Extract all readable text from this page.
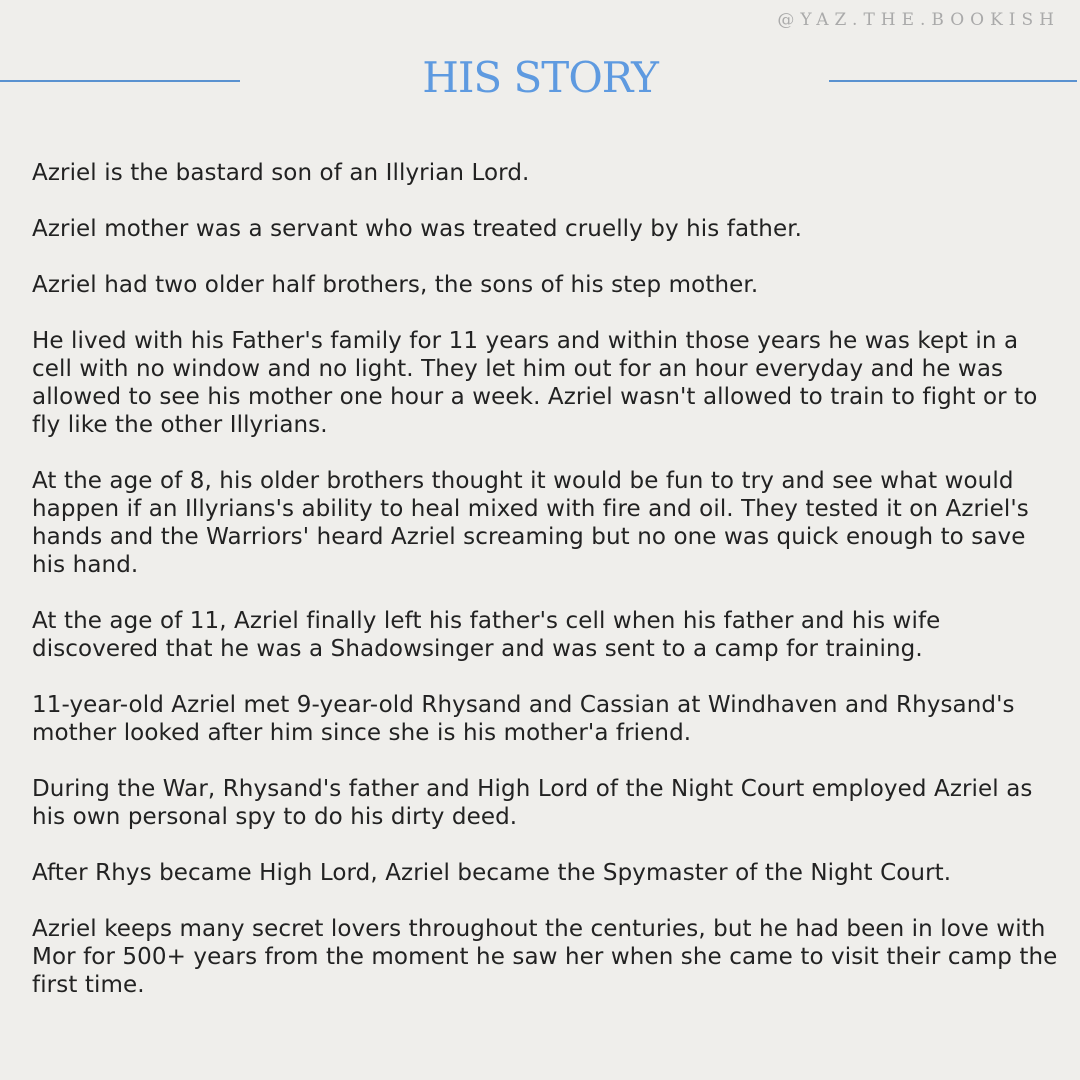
@YAZ.THE.BOOKISH

HIS STORY

Azriel is the bastard son of an Illyrian Lord.

Azriel mother was a servant who was treated cruelly by his father.

Azriel had two older half brothers, the sons of his step mother.

He lived with his Father's family for 11 years and within those years he was kept in a cell with no window and no light. They let him out for an hour everyday and he was allowed to see his mother one hour a week. Azriel wasn't allowed to train to fight or to fly like the other Illyrians.

At the age of 8, his older brothers thought it would be fun to try and see what would happen if an Illyrians's ability to heal mixed with fire and oil. They tested it on Azriel's hands and the Warriors' heard Azriel screaming but no one was quick enough to save his hand.

At the age of 11, Azriel finally left his father's cell when his father and his wife discovered that he was a Shadowsinger and was sent to a camp for training.

11-year-old Azriel met 9-year-old Rhysand and Cassian at Windhaven and Rhysand's mother looked after him since she is his mother'a friend.

During the War, Rhysand's father and High Lord of the Night Court employed Azriel as his own personal spy to do his dirty deed.

After Rhys became High Lord, Azriel became the Spymaster of the Night Court.

Azriel keeps many secret lovers throughout the centuries, but he had been in love with Mor for 500+ years from the moment he saw her when she came to visit their camp the first time.
